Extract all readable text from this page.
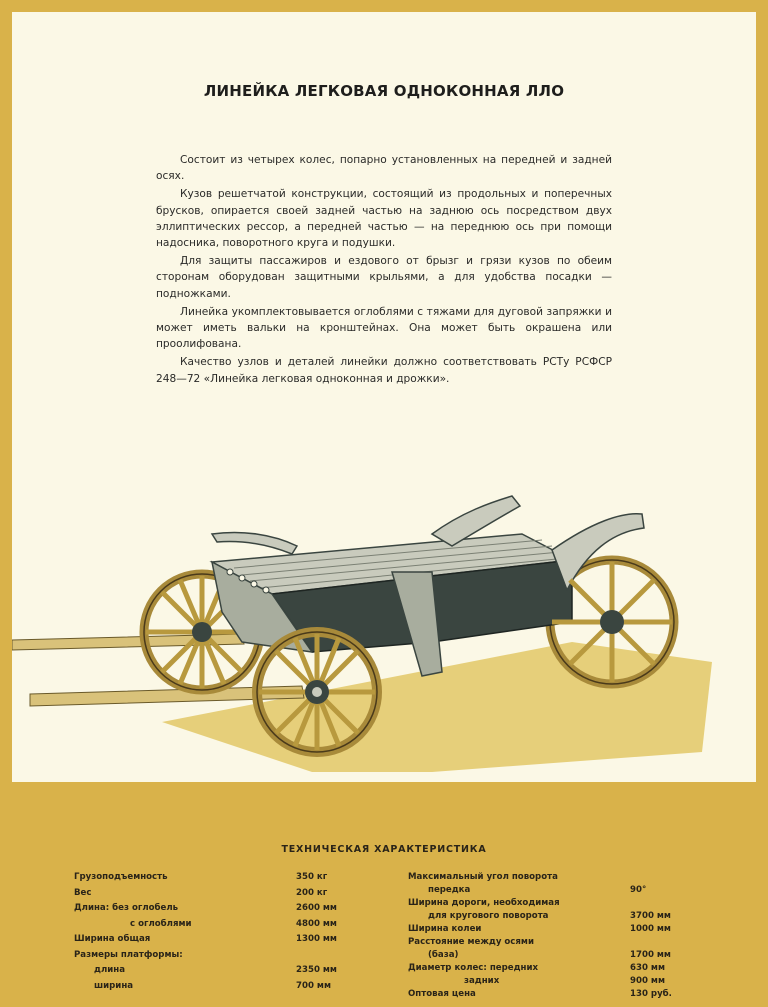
ЛИНЕЙКА ЛЕГКОВАЯ ОДНОКОННАЯ ЛЛО

Состоит из четырех колес, попарно установленных на передней и задней осях.

Кузов решетчатой конструкции, состоящий из продольных и поперечных брусков, опирается своей задней частью на заднюю ось посредством двух эллиптических рессор, а передней частью — на переднюю ось при помощи надосника, поворотного круга и подушки.

Для защиты пассажиров и ездового от брызг и грязи кузов по обеим сторонам оборудован защитными крыльями, а для удобства посадки — подножками.

Линейка укомплектовывается оглоблями с тяжами для дуговой запряжки и может иметь вальки на кронштейнах. Она может быть окрашена или проолифована.

Качество узлов и деталей линейки должно соответствовать РСТу РСФСР 248—72 «Линейка легковая одноконная и дрожки».

ТЕХНИЧЕСКАЯ ХАРАКТЕРИСТИКА
Грузоподъемность	350 кг
Вес	200 кг
Длина: без оглобель	2600 мм
с оглоблями	4800 мм
Ширина общая	1300 мм
Размеры платформы:
длина	2350 мм
ширина	700 мм
Максимальный угол поворота
передка	90°
Ширина дороги, необходимая
для кругового поворота	3700 мм
Ширина колеи	1000 мм
Расстояние между осями
(база)	1700 мм
Диаметр колес: передних	630 мм
задних	900 мм
Оптовая цена	130 руб.
